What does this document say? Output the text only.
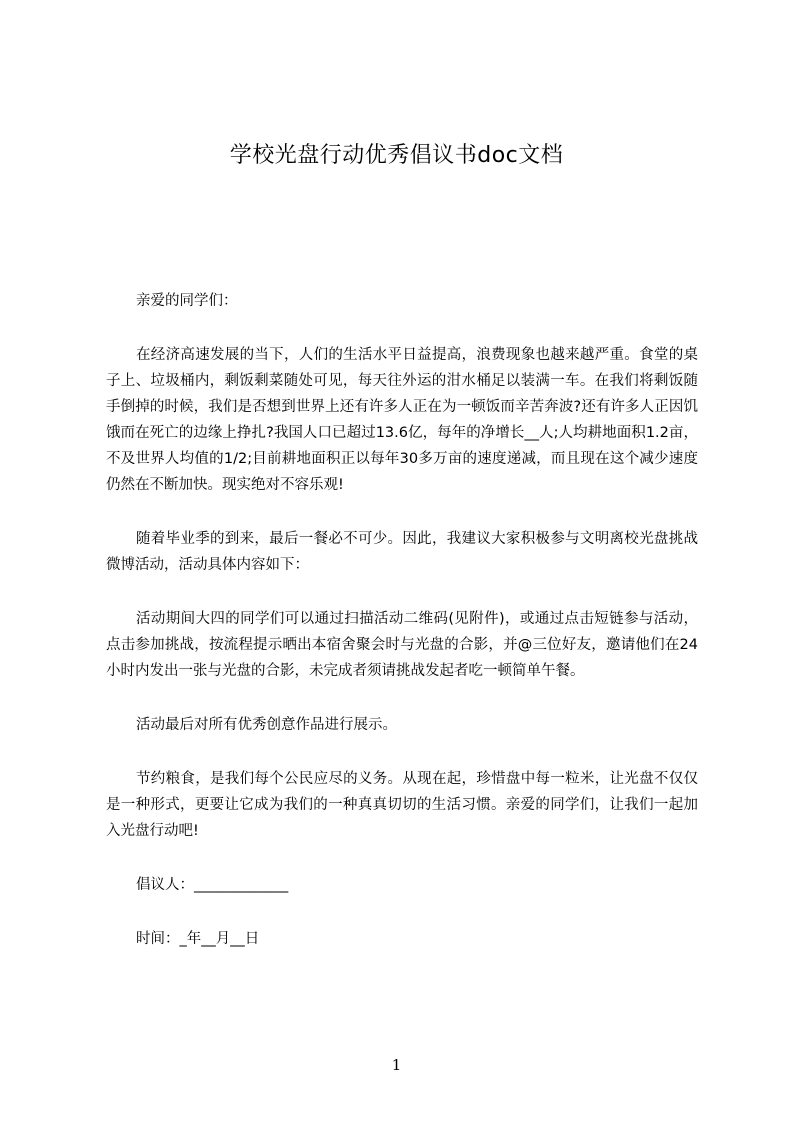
学校光盘行动优秀倡议书doc文档

亲爱的同学们：

在经济高速发展的当下，人们的生活水平日益提高，浪费现象也越来越严重。食堂的桌子上、垃圾桶内，剩饭剩菜随处可见，每天往外运的泔水桶足以装满一车。在我们将剩饭随手倒掉的时候，我们是否想到世界上还有许多人正在为一顿饭而辛苦奔波?还有许多人正因饥饿而在死亡的边缘上挣扎?我国人口已超过13.6亿，每年的净增长__人;人均耕地面积1.2亩，不及世界人均值的1/2;目前耕地面积正以每年30多万亩的速度递减，而且现在这个减少速度仍然在不断加快。现实绝对不容乐观!

随着毕业季的到来，最后一餐必不可少。因此，我建议大家积极参与文明离校光盘挑战微博活动，活动具体内容如下：

活动期间大四的同学们可以通过扫描活动二维码(见附件)，或通过点击短链参与活动，点击参加挑战，按流程提示晒出本宿舍聚会时与光盘的合影，并@三位好友，邀请他们在24小时内发出一张与光盘的合影，未完成者须请挑战发起者吃一顿简单午餐。

活动最后对所有优秀创意作品进行展示。

节约粮食，是我们每个公民应尽的义务。从现在起，珍惜盘中每一粒米，让光盘不仅仅是一种形式，更要让它成为我们的一种真真切切的生活习惯。亲爱的同学们，让我们一起加入光盘行动吧!

倡议人：_____________

时间：_年__月__日

1
